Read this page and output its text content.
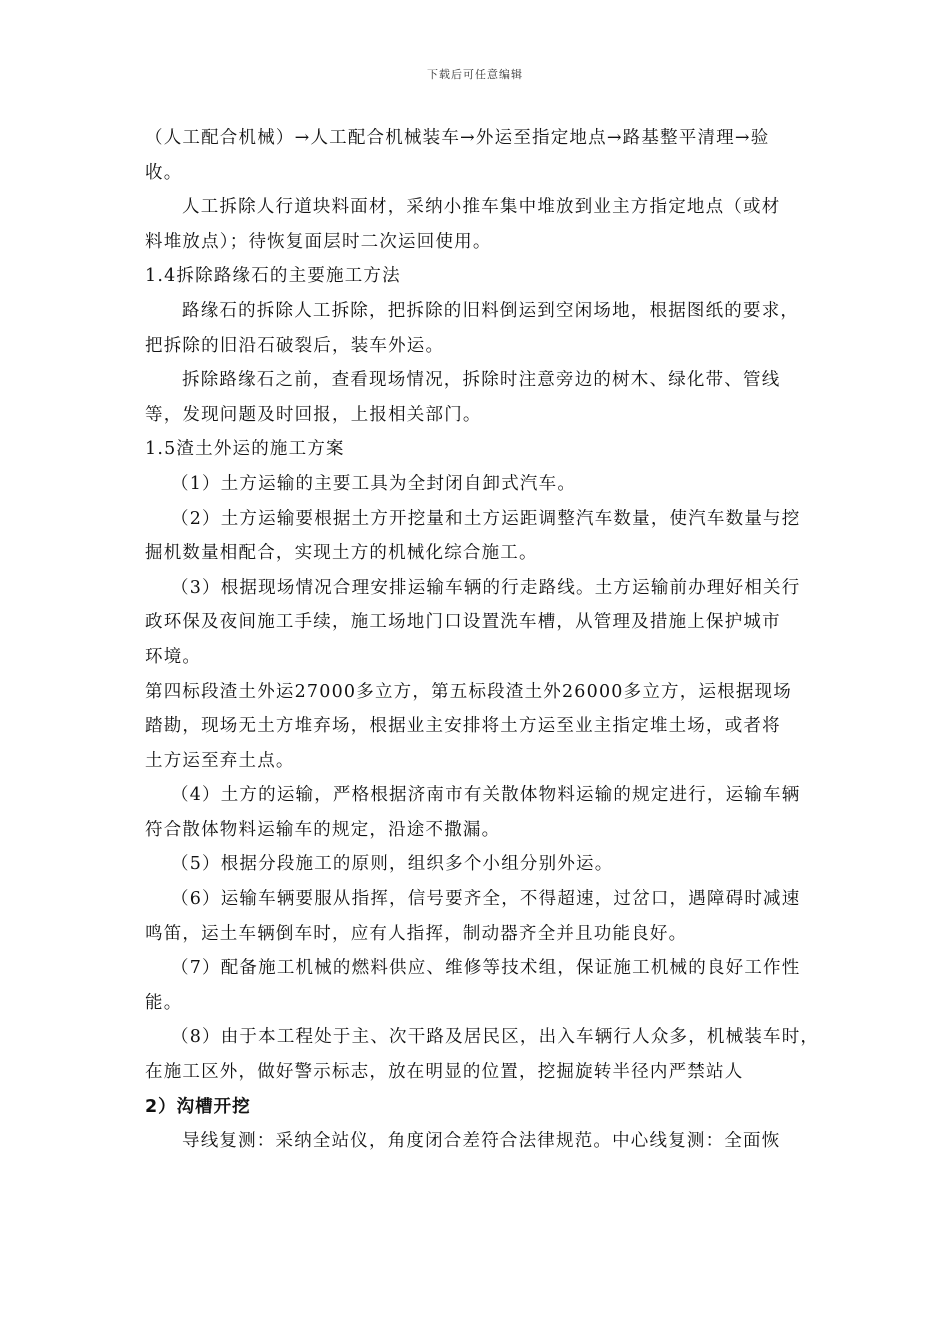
下载后可任意编辑
（人工配合机械）→人工配合机械装车→外运至指定地点→路基整平清理→验
收。
人工拆除人行道块料面材，采纳小推车集中堆放到业主方指定地点（或材
料堆放点）；待恢复面层时二次运回使用。
1.4拆除路缘石的主要施工方法
路缘石的拆除人工拆除，把拆除的旧料倒运到空闲场地，根据图纸的要求，
把拆除的旧沿石破裂后，装车外运。
拆除路缘石之前，查看现场情况，拆除时注意旁边的树木、绿化带、管线
等，发现问题及时回报，上报相关部门。
1.5渣土外运的施工方案
（1）土方运输的主要工具为全封闭自卸式汽车。
（2）土方运输要根据土方开挖量和土方运距调整汽车数量，使汽车数量与挖
掘机数量相配合，实现土方的机械化综合施工。
（3）根据现场情况合理安排运输车辆的行走路线。土方运输前办理好相关行
政环保及夜间施工手续，施工场地门口设置洗车槽，从管理及措施上保护城市
环境。
第四标段渣土外运27000多立方，第五标段渣土外26000多立方，运根据现场
踏勘，现场无土方堆弃场，根据业主安排将土方运至业主指定堆土场，或者将
土方运至弃土点。
（4）土方的运输，严格根据济南市有关散体物料运输的规定进行，运输车辆
符合散体物料运输车的规定，沿途不撒漏。
（5）根据分段施工的原则，组织多个小组分别外运。
（6）运输车辆要服从指挥，信号要齐全，不得超速，过岔口，遇障碍时减速
鸣笛，运土车辆倒车时，应有人指挥，制动器齐全并且功能良好。
（7）配备施工机械的燃料供应、维修等技术组，保证施工机械的良好工作性
能。
（8）由于本工程处于主、次干路及居民区，出入车辆行人众多，机械装车时，
在施工区外，做好警示标志，放在明显的位置，挖掘旋转半径内严禁站人
2）沟槽开挖
导线复测：采纳全站仪，角度闭合差符合法律规范。中心线复测：全面恢
